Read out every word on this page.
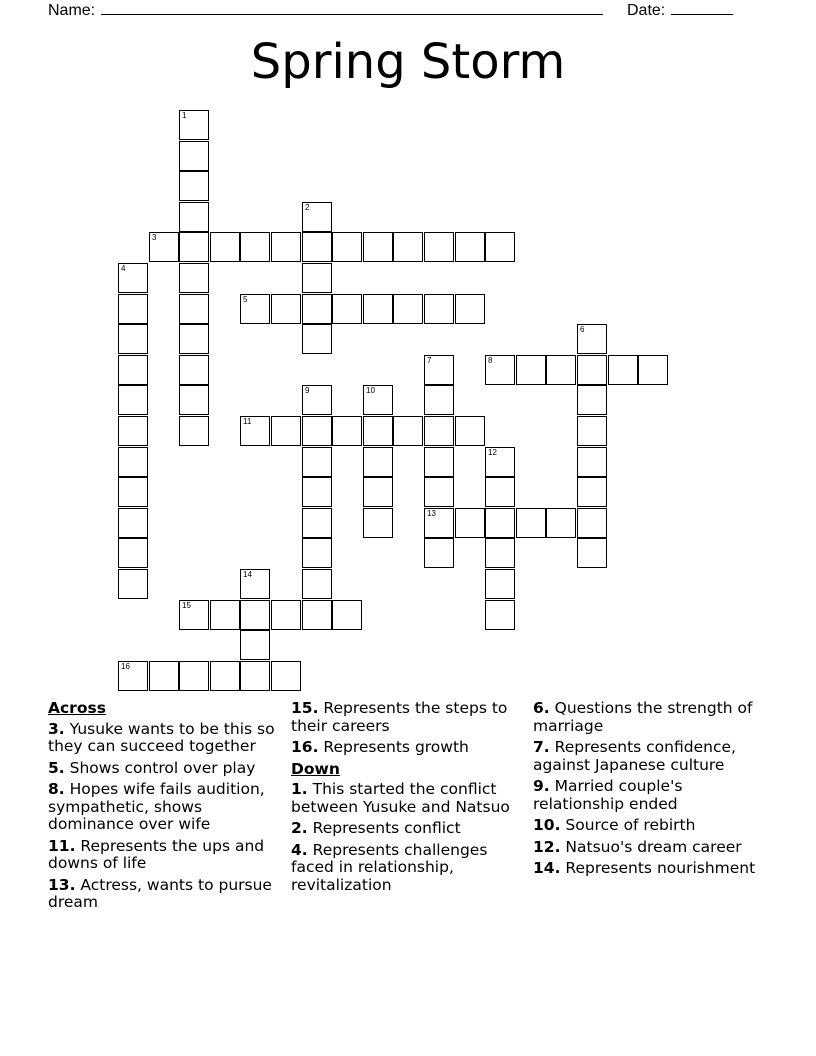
Name:	Date:
Spring Storm
1
2
3
4
5
6
7
13
8
9	10
11
12
14
15
16
Across
3. Yusuke wants to be this so they can succeed together
5. Shows control over play
8. Hopes wife fails audition, sympathetic, shows dominance over wife
11. Represents the ups and downs of life
13. Actress, wants to pursue dream
15. Represents the steps to their careers
16. Represents growth
Down
1. This started the conflict between Yusuke and Natsuo
2. Represents conflict
4. Represents challenges faced in relationship, revitalization
6. Questions the strength of marriage
7. Represents confidence, against Japanese culture
9. Married couple's relationship ended
10. Source of rebirth
12. Natsuo's dream career
14. Represents nourishment
